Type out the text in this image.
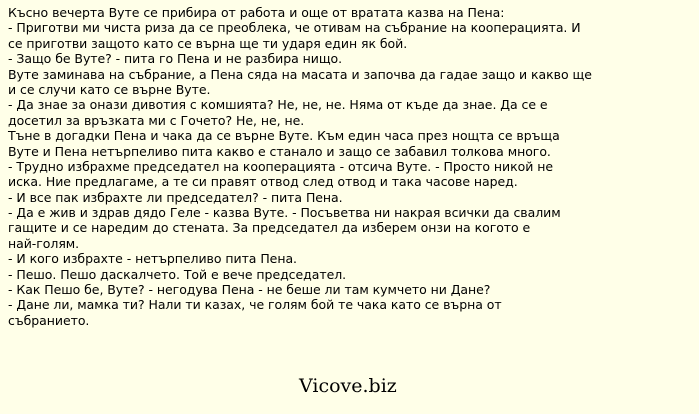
Късно вечерта Вуте се прибира от работа и още от вратата казва на Пена:
- Приготви ми чиста риза да се преоблека, че отивам на събрание на кооперацията. И
се приготви защото като се върна ще ти ударя един як бой.
- Защо бе Вуте? - пита го Пена и не разбира нищо.
Вуте заминава на събрание, а Пена сяда на масата и започва да гадае защо и какво ще
и се случи като се върне Вуте.
- Да знае за онази дивотия с комшията? Не, не, не. Няма от къде да знае. Да се е
досетил за връзката ми с Гочето? Не, не, не.
Тъне в догадки Пена и чака да се върне Вуте. Към един часа през нощта се връща
Вуте и Пена нетърпеливо пита какво е станало и защо се забавил толкова много.
- Трудно избрахме председател на кооперацията - отсича Вуте. - Просто никой не
иска. Ние предлагаме, а те си правят отвод след отвод и така часове наред.
- И все пак избрахте ли председател? - пита Пена.
- Да е жив и здрав дядо Геле - казва Вуте. - Посъветва ни накрая всички да свалим
гащите и се наредим до стената. За председател да изберем онзи на когото е
най-голям.
- И кого избрахте - нетърпеливо пита Пена.
- Пешо. Пешо даскалчето. Той е вече председател.
- Как Пешо бе, Вуте? - негодува Пена - не беше ли там кумчето ни Дане?
- Дане ли, мамка ти? Нали ти казах, че голям бой те чака като се върна от
събранието.
Vicove.biz
